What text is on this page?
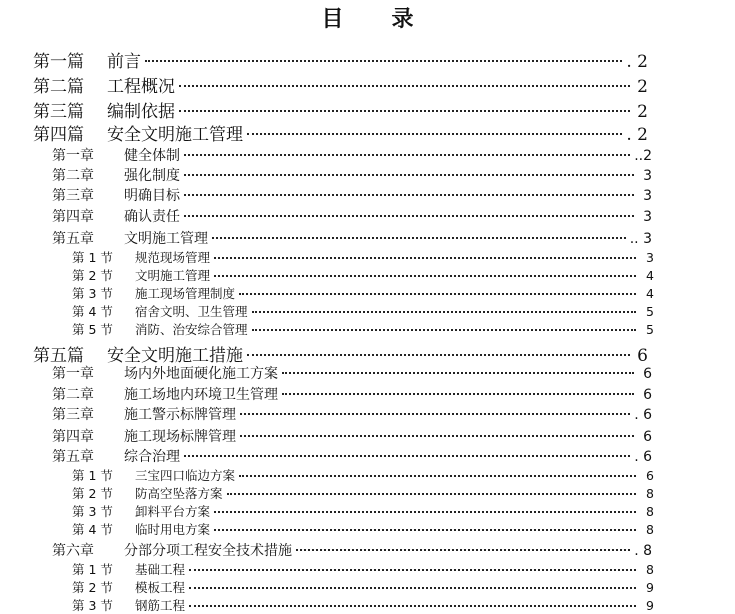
目 录
第一篇	前言	. 2
第二篇	工程概况	2
第三篇	编制依据	2
第四篇	安全文明施工管理	. 2
第一章	健全体制	..2
第二章	强化制度	3
第三章	明确目标	3
第四章	确认责任	3
第五章	文明施工管理	.. 3
第 1 节	规范现场管理	3
第 2 节	文明施工管理	4
第 3 节	施工现场管理制度	4
第 4 节	宿舍文明、卫生管理	5
第 5 节	消防、治安综合管理	5
第五篇	安全文明施工措施	6
第一章	场内外地面硬化施工方案	6
第二章	施工场地内环境卫生管理	6
第三章	施工警示标牌管理	. 6
第四章	施工现场标牌管理	6
第五章	综合治理	. 6
第 1 节	三宝四口临边方案	6
第 2 节	防高空坠落方案	8
第 3 节	卸料平台方案	8
第 4 节	临时用电方案	8
第六章	分部分项工程安全技术措施	. 8
第 1 节	基础工程	8
第 2 节	模板工程	9
第 3 节	钢筋工程	9
